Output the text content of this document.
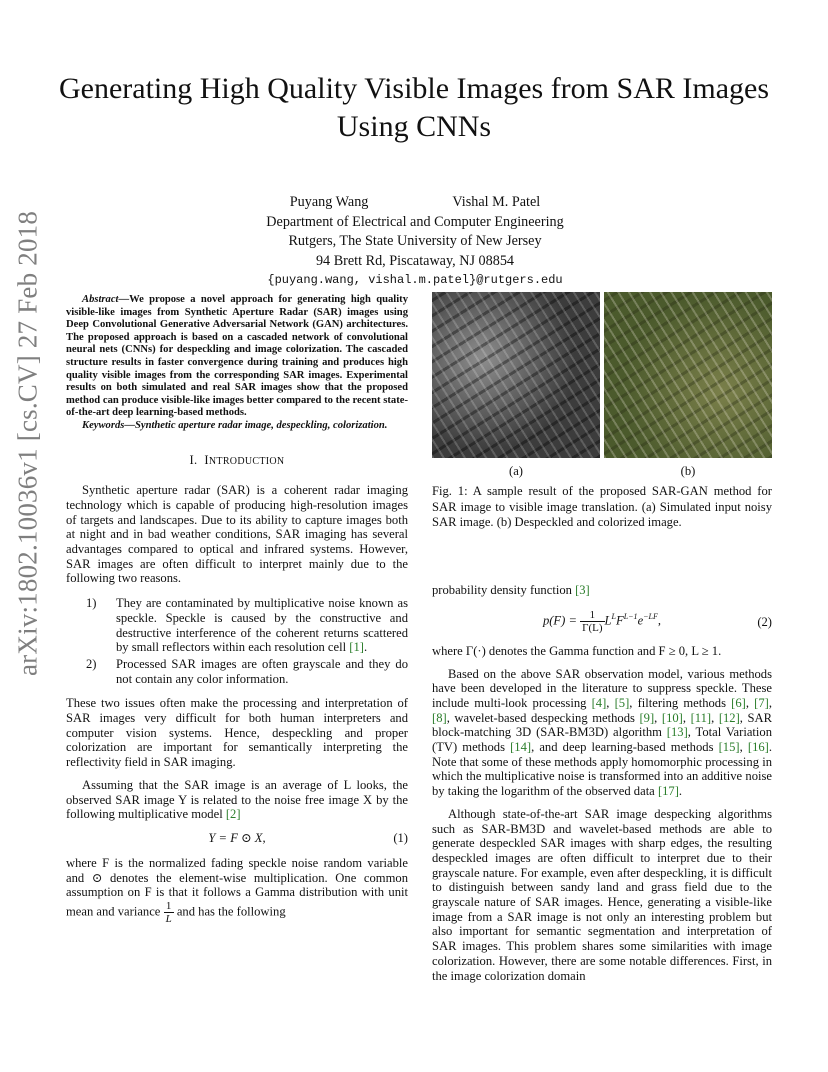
arXiv:1802.10036v1 [cs.CV] 27 Feb 2018
Generating High Quality Visible Images from SAR Images Using CNNs
Puyang Wang	Vishal M. Patel
Department of Electrical and Computer Engineering
Rutgers, The State University of New Jersey
94 Brett Rd, Piscataway, NJ 08854
{puyang.wang, vishal.m.patel}@rutgers.edu

Abstract—We propose a novel approach for generating high quality visible-like images from Synthetic Aperture Radar (SAR) images using Deep Convolutional Generative Adversarial Network (GAN) architectures. The proposed approach is based on a cascaded network of convolutional neural nets (CNNs) for despeckling and image colorization. The cascaded structure results in faster convergence during training and produces high quality visible images from the corresponding SAR images. Experimental results on both simulated and real SAR images show that the proposed method can produce visible-like images better compared to the recent state-of-the-art deep learning-based methods.

Keywords—Synthetic aperture radar image, despeckling, colorization.

I. INTRODUCTION

Synthetic aperture radar (SAR) is a coherent radar imaging technology which is capable of producing high-resolution images of targets and landscapes. Due to its ability to capture images both at night and in bad weather conditions, SAR imaging has several advantages compared to optical and infrared systems. However, SAR images are often difficult to interpret mainly due to the following two reasons.

1) They are contaminated by multiplicative noise known as speckle. Speckle is caused by the constructive and destructive interference of the coherent returns scattered by small reflectors within each resolution cell [1].
2) Processed SAR images are often grayscale and they do not contain any color information.

These two issues often make the processing and interpretation of SAR images very difficult for both human interpreters and computer vision systems. Hence, despeckling and proper colorization are important for semantically interpreting the reflectivity field in SAR imaging.

Assuming that the SAR image is an average of L looks, the observed SAR image Y is related to the noise free image X by the following multiplicative model [2]

Y = F ⊙ X,	(1)

where F is the normalized fading speckle noise random variable and ⊙ denotes the element-wise multiplication. One common assumption on F is that it follows a Gamma distribution with unit mean and variance $\frac{1}{L}$ and has the following

(a)	(b)

Fig. 1: A sample result of the proposed SAR-GAN method for SAR image to visible image translation. (a) Simulated input noisy SAR image. (b) Despeckled and colorized image.

probability density function [3]

$p(F) = \frac{1}{\Gamma(L)} L^LF^{L-1}e^{-LF}$,	(2)

where Γ(·) denotes the Gamma function and F ≥ 0, L ≥ 1.

Based on the above SAR observation model, various methods have been developed in the literature to suppress speckle. These include multi-look processing [4], [5], filtering methods [6], [7], [8], wavelet-based despecking methods [9], [10], [11], [12], SAR block-matching 3D (SAR-BM3D) algorithm [13], Total Variation (TV) methods [14], and deep learning-based methods [15], [16]. Note that some of these methods apply homomorphic processing in which the multiplicative noise is transformed into an additive noise by taking the logarithm of the observed data [17].

Although state-of-the-art SAR image despecking algorithms such as SAR-BM3D and wavelet-based methods are able to generate despeckled SAR images with sharp edges, the resulting despeckled images are often difficult to interpret due to their grayscale nature. For example, even after despeckling, it is difficult to distinguish between sandy land and grass field due to the grayscale nature of SAR images. Hence, generating a visible-like image from a SAR image is not only an interesting problem but also important for semantic segmentation and interpretation of SAR images. This problem shares some similarities with image colorization. However, there are some notable differences. First, in the image colorization domain
